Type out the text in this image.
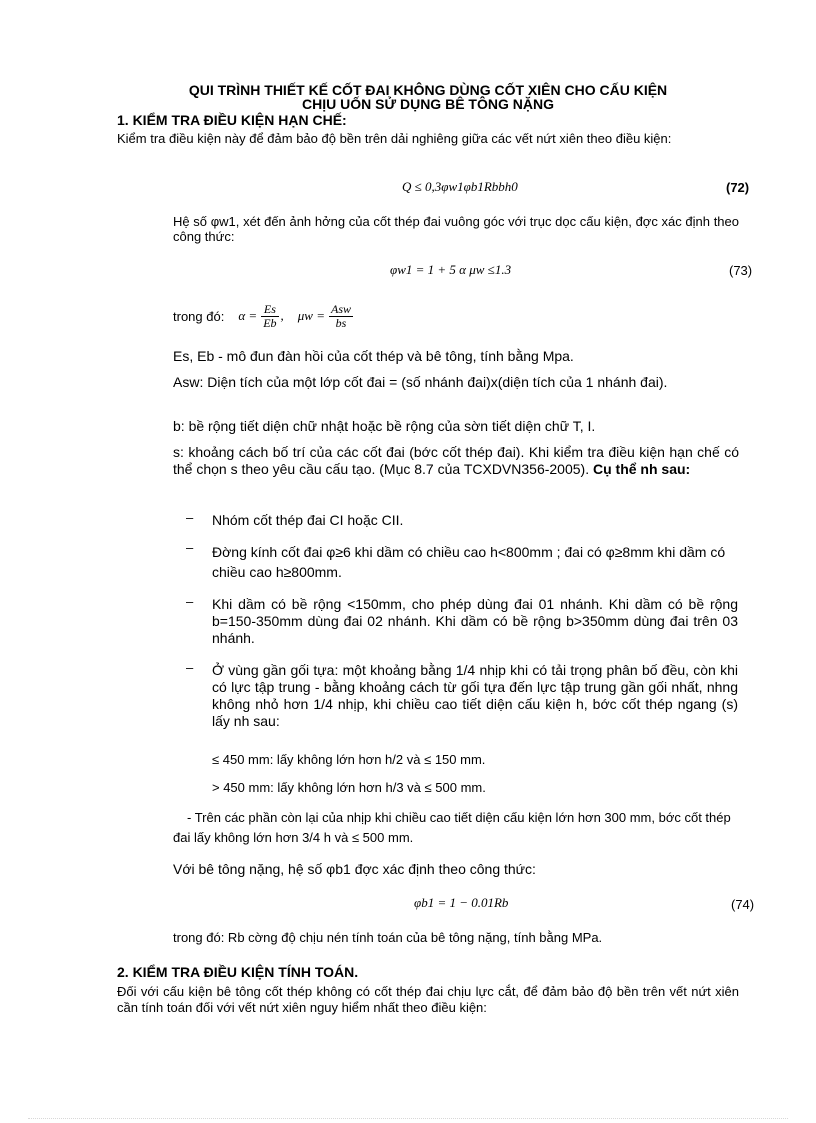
QUI TRÌNH THIẾT KẾ CỐT ĐAI KHÔNG DÙNG CỐT XIÊN CHO CẤU KIỆN
CHỊU UỐN SỬ DỤNG BÊ TÔNG NẶNG
1. KIỂM TRA ĐIỀU KIỆN HẠN CHẾ:
Kiểm tra điều kiện này để đảm bảo độ bền trên dải nghiêng giữa các vết nứt xiên theo điều kiện:
Q ≤ 0,3φw1φb1Rbbh0	(72)
Hệ số φw1, xét đến ảnh hởng của cốt thép đai vuông góc với trục dọc cấu kiện, đợc xác định theo công thức:
φw1 = 1 + 5 α μw ≤1.3	(73)
trong đó: $\alpha = \frac{Es}{Eb}$ , $\mu w = \frac{\text{Asw}}{bs}$
Es, Eb - mô đun đàn hồi của cốt thép và bê tông, tính bằng Mpa.
Asw: Diện tích của một lớp cốt đai = (số nhánh đai)x(diện tích của 1 nhánh đai).
b: bề rộng tiết diện chữ nhật hoặc bề rộng của sờn tiết diện chữ T, I.
s: khoảng cách bố trí của các cốt đai (bớc cốt thép đai). Khi kiểm tra điều kiện hạn chế có thể chọn s theo yêu cầu cấu tạo. (Mục 8.7 của TCXDVN356-2005). Cụ thể nh sau:
– Nhóm cốt thép đai CI hoặc CII.
– Đờng kính cốt đai φ≥6 khi dầm có chiều cao h<800mm ; đai có φ≥8mm khi dầm có chiều cao h≥800mm.
– Khi dầm có bề rộng <150mm, cho phép dùng đai 01 nhánh. Khi dầm có bề rộng b=150-350mm dùng đai 02 nhánh. Khi dầm có bề rộng b>350mm dùng đai trên 03 nhánh.
– Ở vùng gần gối tựa: một khoảng bằng 1/4 nhịp khi có tải trọng phân bố đều, còn khi có lực tập trung - bằng khoảng cách từ gối tựa đến lực tập trung gần gối nhất, nhng không nhỏ hơn 1/4 nhịp, khi chiều cao tiết diện cấu kiện h, bớc cốt thép ngang (s) lấy nh sau:
≤ 450 mm: lấy không lớn hơn h/2 và ≤ 150 mm.
> 450 mm: lấy không lớn hơn h/3 và ≤ 500 mm.
- Trên các phần còn lại của nhịp khi chiều cao tiết diện cấu kiện lớn hơn 300 mm, bớc cốt thép đai lấy không lớn hơn 3/4 h và ≤ 500 mm.
Với bê tông nặng, hệ số φb1 đợc xác định theo công thức:
φb1 = 1 − 0.01Rb	(74)
trong đó: Rb cờng độ chịu nén tính toán của bê tông nặng, tính bằng MPa.
2. KIỂM TRA ĐIỀU KIỆN TÍNH TOÁN.
Đối với cấu kiện bê tông cốt thép không có cốt thép đai chịu lực cắt, để đảm bảo độ bền trên vết nứt xiên cần tính toán đối với vết nứt xiên nguy hiểm nhất theo điều kiện:
